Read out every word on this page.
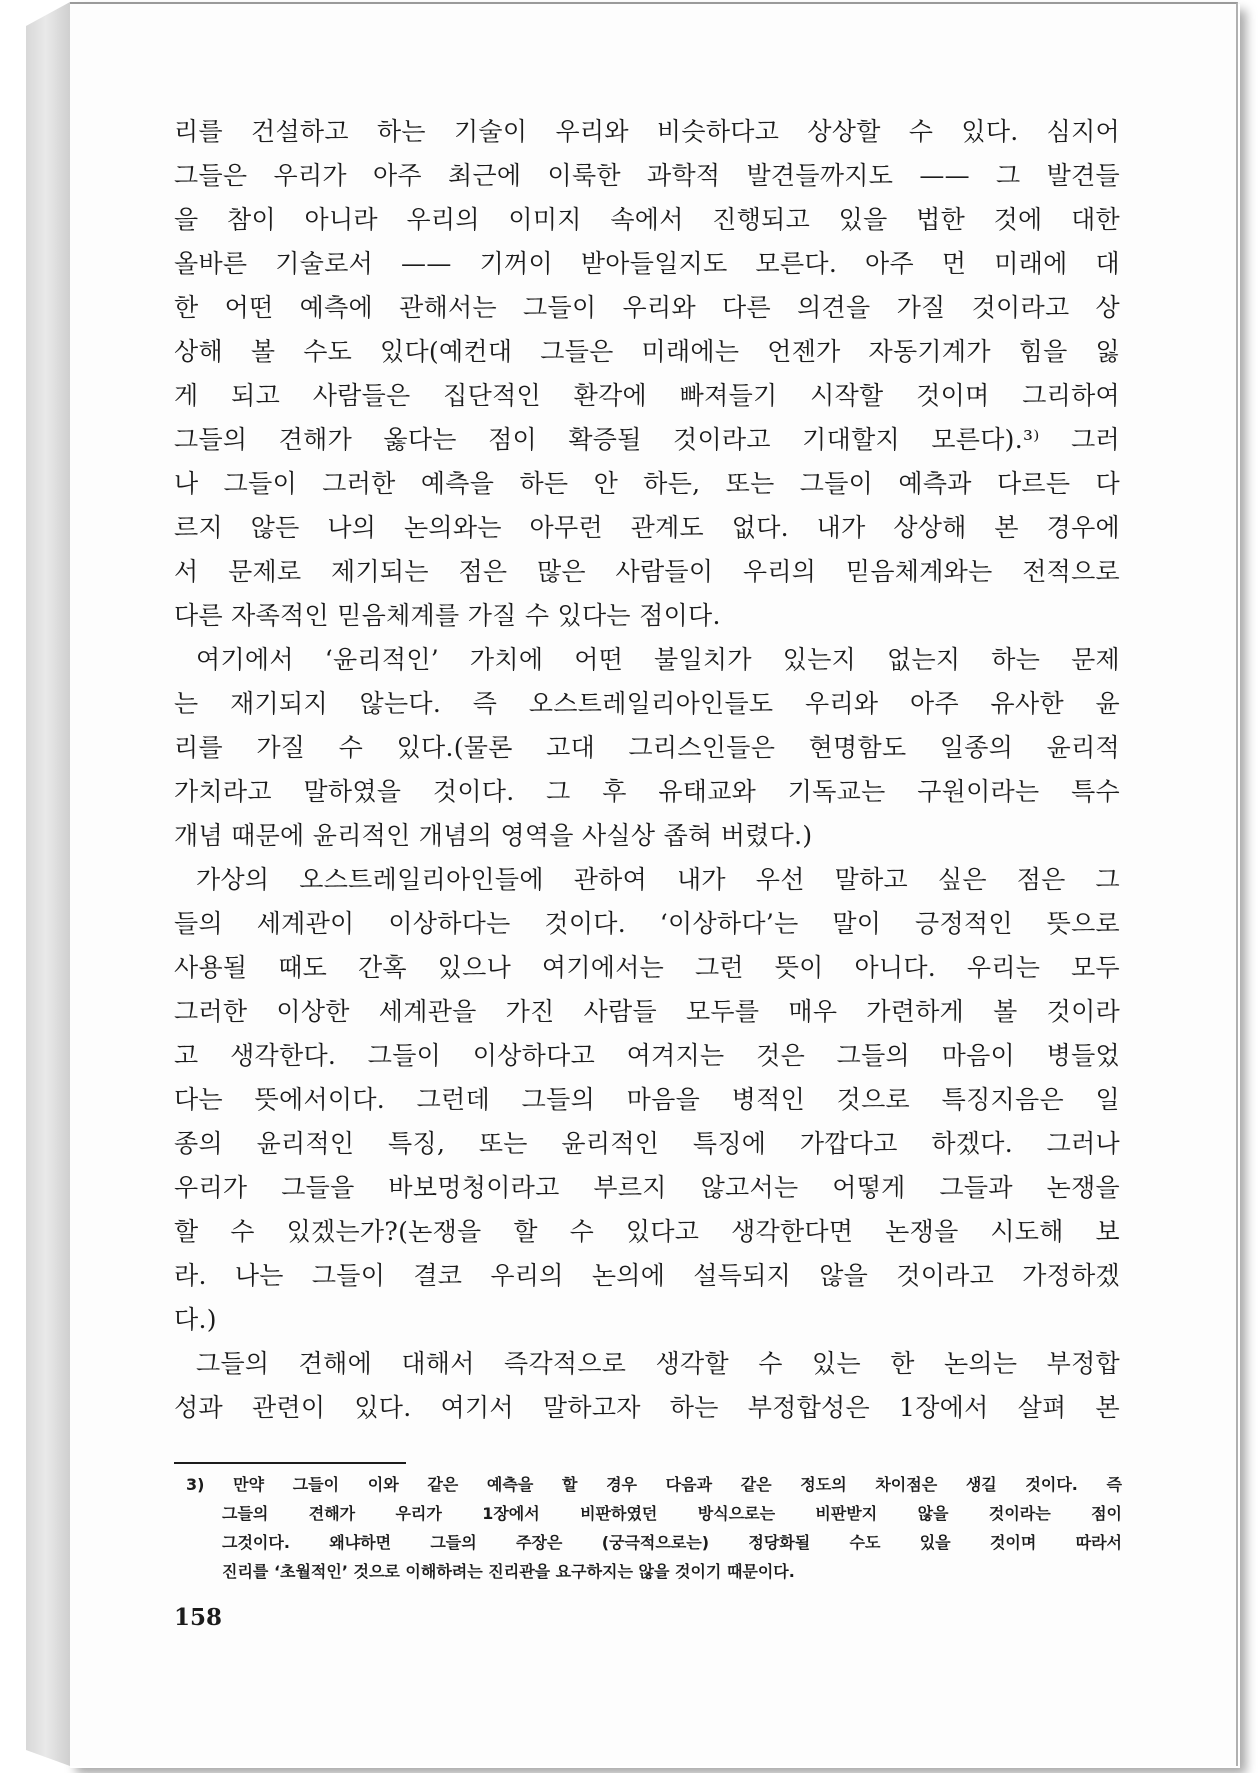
리를 건설하고 하는 기술이 우리와 비슷하다고 상상할 수 있다. 심지어
그들은 우리가 아주 최근에 이룩한 과학적 발견들까지도 —— 그 발견들
을 참이 아니라 우리의 이미지 속에서 진행되고 있을 법한 것에 대한
올바른 기술로서 —— 기꺼이 받아들일지도 모른다. 아주 먼 미래에 대
한 어떤 예측에 관해서는 그들이 우리와 다른 의견을 가질 것이라고 상
상해 볼 수도 있다(예컨대 그들은 미래에는 언젠가 자동기계가 힘을 잃
게 되고 사람들은 집단적인 환각에 빠져들기 시작할 것이며 그리하여
그들의 견해가 옳다는 점이 확증될 것이라고 기대할지 모른다).³⁾ 그러
나 그들이 그러한 예측을 하든 안 하든, 또는 그들이 예측과 다르든 다
르지 않든 나의 논의와는 아무런 관계도 없다. 내가 상상해 본 경우에
서 문제로 제기되는 점은 많은 사람들이 우리의 믿음체계와는 전적으로
다른 자족적인 믿음체계를 가질 수 있다는 점이다.
여기에서 ‘윤리적인’ 가치에 어떤 불일치가 있는지 없는지 하는 문제
는 재기되지 않는다. 즉 오스트레일리아인들도 우리와 아주 유사한 윤
리를 가질 수 있다.(물론 고대 그리스인들은 현명함도 일종의 윤리적
가치라고 말하였을 것이다. 그 후 유태교와 기독교는 구원이라는 특수
개념 때문에 윤리적인 개념의 영역을 사실상 좁혀 버렸다.)
가상의 오스트레일리아인들에 관하여 내가 우선 말하고 싶은 점은 그
들의 세계관이 이상하다는 것이다. ‘이상하다’는 말이 긍정적인 뜻으로
사용될 때도 간혹 있으나 여기에서는 그런 뜻이 아니다. 우리는 모두
그러한 이상한 세계관을 가진 사람들 모두를 매우 가련하게 볼 것이라
고 생각한다. 그들이 이상하다고 여겨지는 것은 그들의 마음이 병들었
다는 뜻에서이다. 그런데 그들의 마음을 병적인 것으로 특징지음은 일
종의 윤리적인 특징, 또는 윤리적인 특징에 가깝다고 하겠다. 그러나
우리가 그들을 바보멍청이라고 부르지 않고서는 어떻게 그들과 논쟁을
할 수 있겠는가?(논쟁을 할 수 있다고 생각한다면 논쟁을 시도해 보
라. 나는 그들이 결코 우리의 논의에 설득되지 않을 것이라고 가정하겠
다.)
그들의 견해에 대해서 즉각적으로 생각할 수 있는 한 논의는 부정합
성과 관련이 있다. 여기서 말하고자 하는 부정합성은 1장에서 살펴 본
3) 만약 그들이 이와 같은 예측을 할 경우 다음과 같은 정도의 차이점은 생길 것이다. 즉
그들의 견해가 우리가 1장에서 비판하였던 방식으로는 비판받지 않을 것이라는 점이
그것이다. 왜냐하면 그들의 주장은 (궁극적으로는) 정당화될 수도 있을 것이며 따라서
진리를 ‘초월적인’ 것으로 이해하려는 진리관을 요구하지는 않을 것이기 때문이다.
158
